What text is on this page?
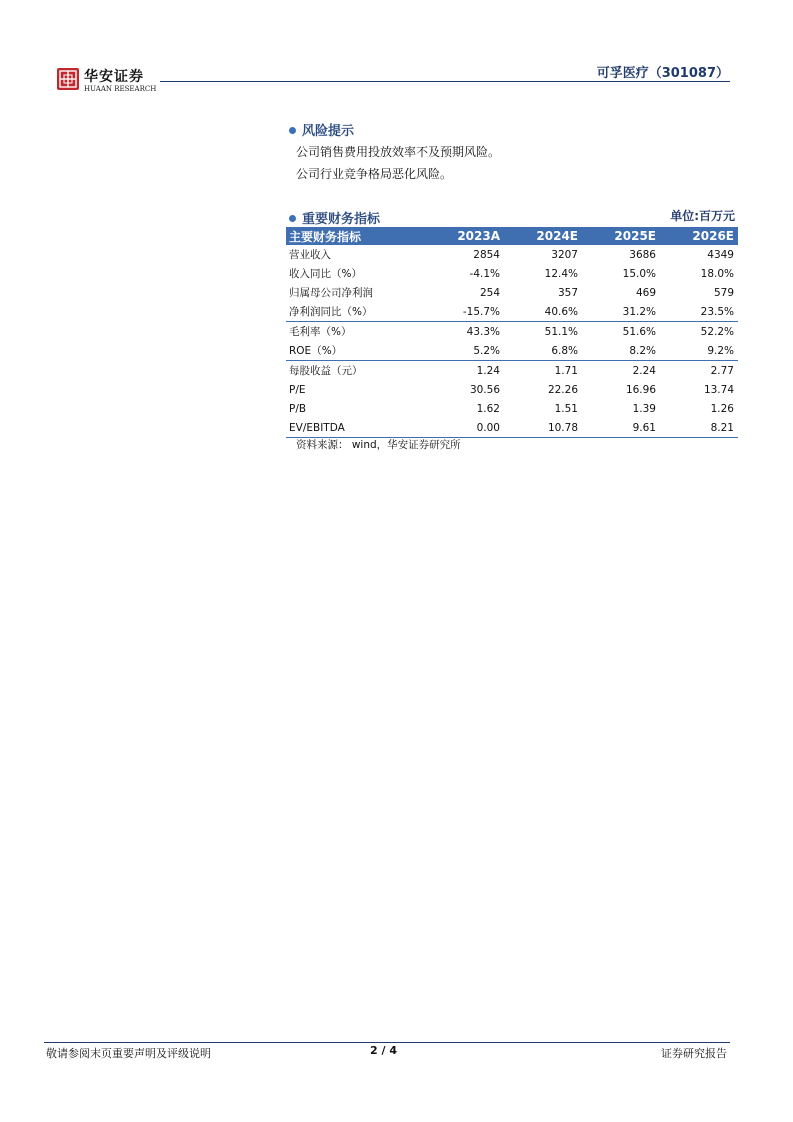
华安证券
HUAAN RESEARCH
可孚医疗（301087）
风险提示
公司销售费用投放效率不及预期风险。
公司行业竞争格局恶化风险。
重要财务指标	单位:百万元
主要财务指标	2023A	2024E	2025E	2026E
营业收入	2854	3207	3686	4349
收入同比（%）	-4.1%	12.4%	15.0%	18.0%
归属母公司净利润	254	357	469	579
净利润同比（%）	-15.7%	40.6%	31.2%	23.5%
毛利率（%）	43.3%	51.1%	51.6%	52.2%
ROE（%）	5.2%	6.8%	8.2%	9.2%
每股收益（元）	1.24	1.71	2.24	2.77
P/E	30.56	22.26	16.96	13.74
P/B	1.62	1.51	1.39	1.26
EV/EBITDA	0.00	10.78	9.61	8.21
资料来源： wind，华安证券研究所
敬请参阅末页重要声明及评级说明	2 / 4	证券研究报告
